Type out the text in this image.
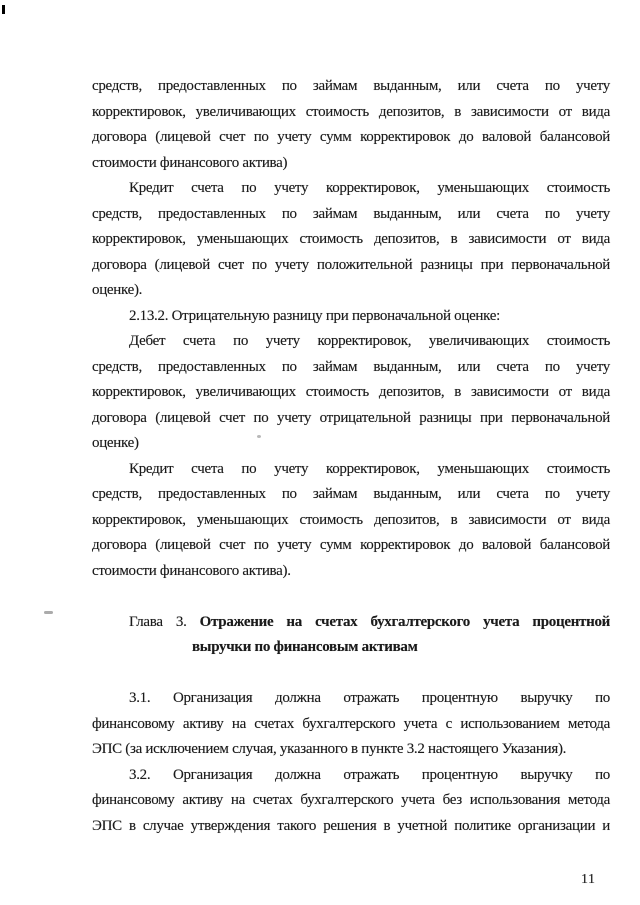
средств, предоставленных по займам выданным, или счета по учету
корректировок, увеличивающих стоимость депозитов, в зависимости от вида
договора (лицевой счет по учету сумм корректировок до валовой балансовой
стоимости финансового актива)
Кредит счета по учету корректировок, уменьшающих стоимость
средств, предоставленных по займам выданным, или счета по учету
корректировок, уменьшающих стоимость депозитов, в зависимости от вида
договора (лицевой счет по учету положительной разницы при первоначальной
оценке).
2.13.2. Отрицательную разницу при первоначальной оценке:
Дебет счета по учету корректировок, увеличивающих стоимость
средств, предоставленных по займам выданным, или счета по учету
корректировок, увеличивающих стоимость депозитов, в зависимости от вида
договора (лицевой счет по учету отрицательной разницы при первоначальной
оценке)
Кредит счета по учету корректировок, уменьшающих стоимость
средств, предоставленных по займам выданным, или счета по учету
корректировок, уменьшающих стоимость депозитов, в зависимости от вида
договора (лицевой счет по учету сумм корректировок до валовой балансовой
стоимости финансового актива).
Глава 3. Отражение на счетах бухгалтерского учета процентной
выручки по финансовым активам
3.1. Организация должна отражать процентную выручку по
финансовому активу на счетах бухгалтерского учета с использованием метода
ЭПС (за исключением случая, указанного в пункте 3.2 настоящего Указания).
3.2. Организация должна отражать процентную выручку по
финансовому активу на счетах бухгалтерского учета без использования метода
ЭПС в случае утверждения такого решения в учетной политике организации и
11
